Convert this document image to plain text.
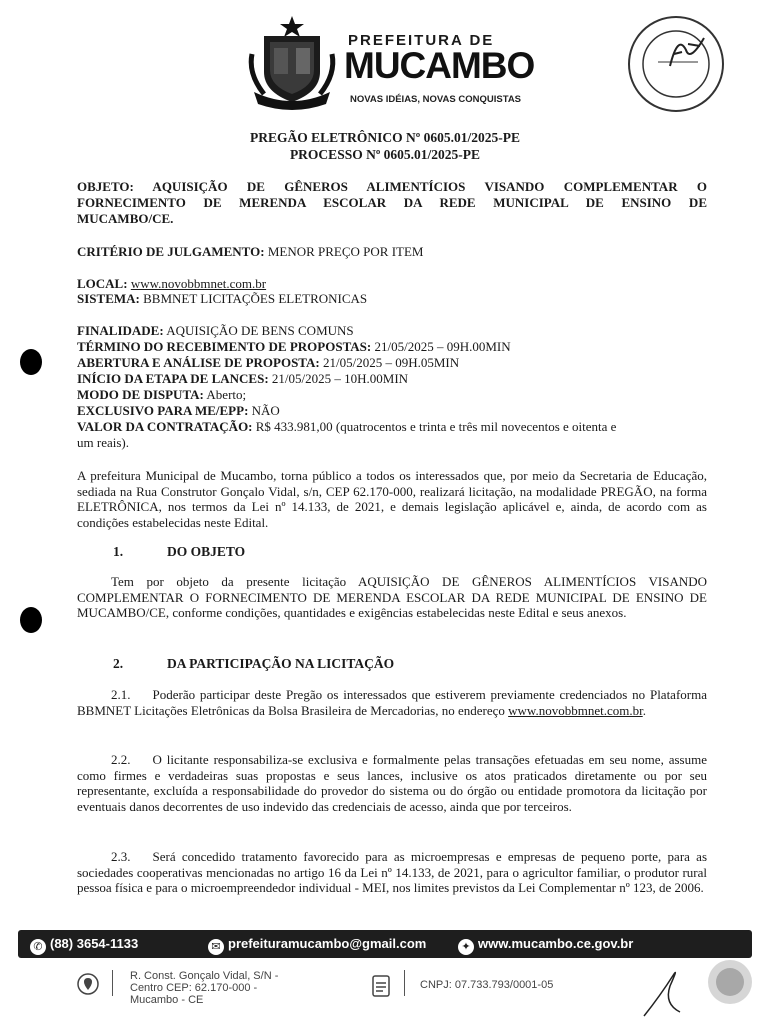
PREFEITURA DE
MUCAMBO
NOVAS IDÉIAS, NOVAS CONQUISTAS
PREGÃO ELETRÔNICO Nº 0605.01/2025-PE
PROCESSO Nº 0605.01/2025-PE
OBJETO: AQUISIÇÃO DE GÊNEROS ALIMENTÍCIOS VISANDO COMPLEMENTAR O
FORNECIMENTO DE MERENDA ESCOLAR DA REDE MUNICIPAL DE ENSINO DE
MUCAMBO/CE.
CRITÉRIO DE JULGAMENTO: MENOR PREÇO POR ITEM
LOCAL: www.novobbmnet.com.br
SISTEMA: BBMNET LICITAÇÕES ELETRONICAS
FINALIDADE: AQUISIÇÃO DE BENS COMUNS
TÉRMINO DO RECEBIMENTO DE PROPOSTAS: 21/05/2025 – 09H.00MIN
ABERTURA E ANÁLISE DE PROPOSTA: 21/05/2025 – 09H.05MIN
INÍCIO DA ETAPA DE LANCES: 21/05/2025 – 10H.00MIN
MODO DE DISPUTA: Aberto;
EXCLUSIVO PARA ME/EPP: NÃO
VALOR DA CONTRATAÇÃO: R$ 433.981,00 (quatrocentos e trinta e três mil novecentos e oitenta e
um reais).
A prefeitura Municipal de Mucambo, torna público a todos os interessados que, por meio da Secretaria de Educação, sediada na Rua Construtor Gonçalo Vidal, s/n, CEP 62.170-000, realizará licitação, na modalidade PREGÃO, na forma ELETRÔNICA, nos termos da Lei nº 14.133, de 2021, e demais legislação aplicável e, ainda, de acordo com as condições estabelecidas neste Edital.
1.	DO OBJETO
Tem por objeto da presente licitação AQUISIÇÃO DE GÊNEROS ALIMENTÍCIOS VISANDO COMPLEMENTAR O FORNECIMENTO DE MERENDA ESCOLAR DA REDE MUNICIPAL DE ENSINO DE MUCAMBO/CE, conforme condições, quantidades e exigências estabelecidas neste Edital e seus anexos.
2.	DA PARTICIPAÇÃO NA LICITAÇÃO
2.1. Poderão participar deste Pregão os interessados que estiverem previamente credenciados no Plataforma BBMNET Licitações Eletrônicas da Bolsa Brasileira de Mercadorias, no endereço www.novobbmnet.com.br.
2.2. O licitante responsabiliza-se exclusiva e formalmente pelas transações efetuadas em seu nome, assume como firmes e verdadeiras suas propostas e seus lances, inclusive os atos praticados diretamente ou por seu representante, excluída a responsabilidade do provedor do sistema ou do órgão ou entidade promotora da licitação por eventuais danos decorrentes de uso indevido das credenciais de acesso, ainda que por terceiros.
2.3. Será concedido tratamento favorecido para as microempresas e empresas de pequeno porte, para as sociedades cooperativas mencionadas no artigo 16 da Lei nº 14.133, de 2021, para o agricultor familiar, o produtor rural pessoa física e para o microempreendedor individual - MEI, nos limites previstos da Lei Complementar nº 123, de 2006.
✆ (88) 3654-1133	✉ prefeituramucambo@gmail.com	✦ www.mucambo.ce.gov.br
R. Const. Gonçalo Vidal, S/N -
Centro CEP: 62.170-000 -
Mucambo - CE
CNPJ: 07.733.793/0001-05
